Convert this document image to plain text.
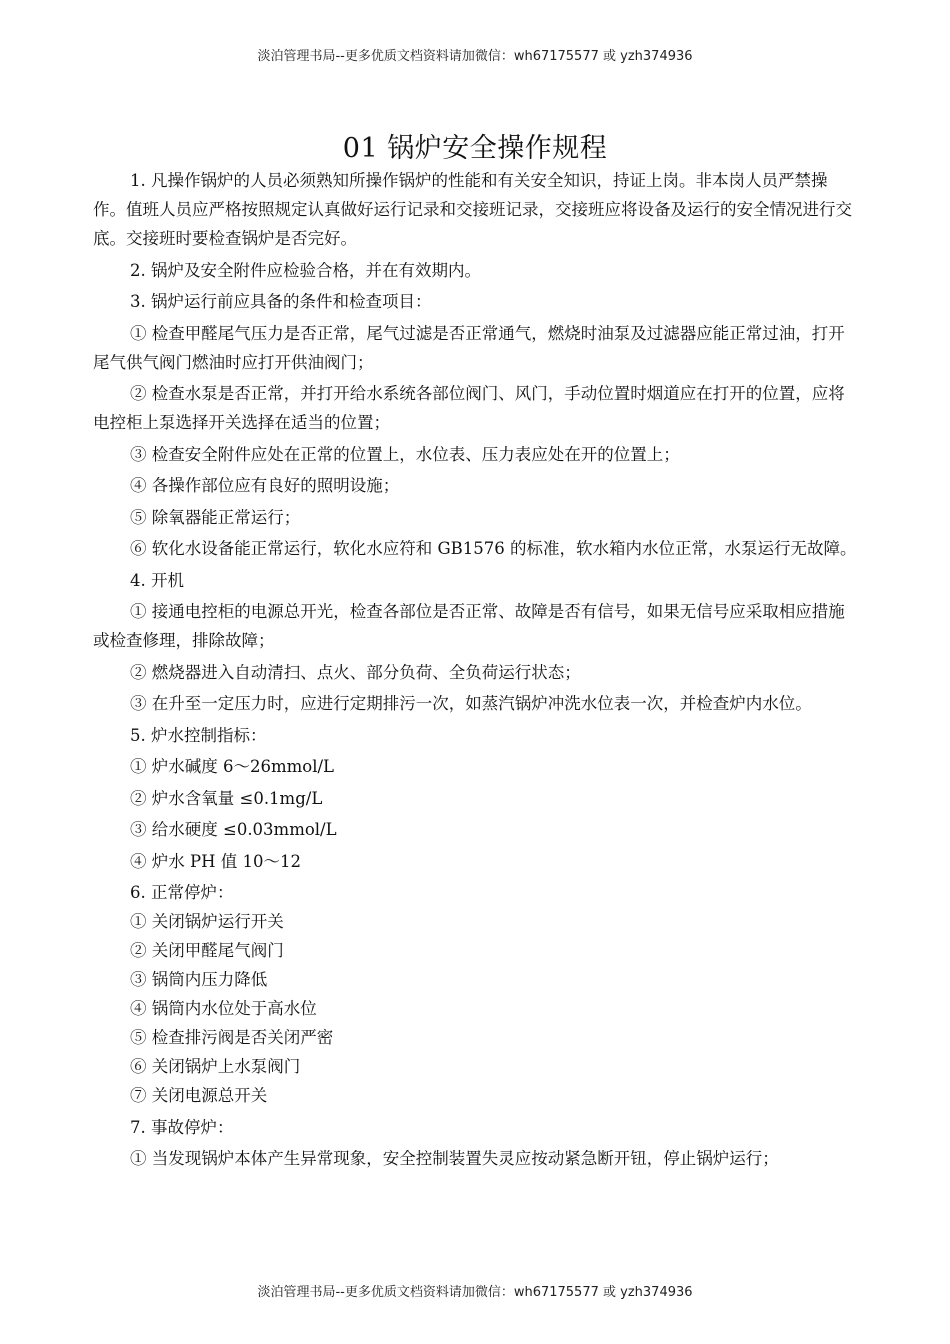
淡泊管理书局--更多优质文档资料请加微信：wh67175577 或 yzh374936
01 锅炉安全操作规程

1. 凡操作锅炉的人员必须熟知所操作锅炉的性能和有关安全知识，持证上岗。非本岗人员严禁操作。值班人员应严格按照规定认真做好运行记录和交接班记录，交接班应将设备及运行的安全情况进行交底。交接班时要检查锅炉是否完好。

2. 锅炉及安全附件应检验合格，并在有效期内。

3. 锅炉运行前应具备的条件和检查项目：

① 检查甲醛尾气压力是否正常，尾气过滤是否正常通气，燃烧时油泵及过滤器应能正常过油，打开尾气供气阀门燃油时应打开供油阀门；

② 检查水泵是否正常，并打开给水系统各部位阀门、风门，手动位置时烟道应在打开的位置，应将电控柜上泵选择开关选择在适当的位置；

③ 检查安全附件应处在正常的位置上，水位表、压力表应处在开的位置上；

④ 各操作部位应有良好的照明设施；

⑤ 除氧器能正常运行；

⑥ 软化水设备能正常运行，软化水应符和 GB1576 的标准，软水箱内水位正常，水泵运行无故障。

4. 开机

① 接通电控柜的电源总开光，检查各部位是否正常、故障是否有信号，如果无信号应采取相应措施或检查修理，排除故障；

② 燃烧器进入自动清扫、点火、部分负荷、全负荷运行状态；

③ 在升至一定压力时，应进行定期排污一次，如蒸汽锅炉冲洗水位表一次，并检查炉内水位。

5. 炉水控制指标：

① 炉水碱度 6～26mmol/L

② 炉水含氧量 ≤0.1mg/L

③ 给水硬度 ≤0.03mmol/L

④ 炉水 PH 值 10～12

6. 正常停炉：

① 关闭锅炉运行开关

② 关闭甲醛尾气阀门

③ 锅筒内压力降低

④ 锅筒内水位处于高水位

⑤ 检查排污阀是否关闭严密

⑥ 关闭锅炉上水泵阀门

⑦ 关闭电源总开关

7. 事故停炉：

① 当发现锅炉本体产生异常现象，安全控制装置失灵应按动紧急断开钮，停止锅炉运行；

淡泊管理书局--更多优质文档资料请加微信：wh67175577 或 yzh374936
